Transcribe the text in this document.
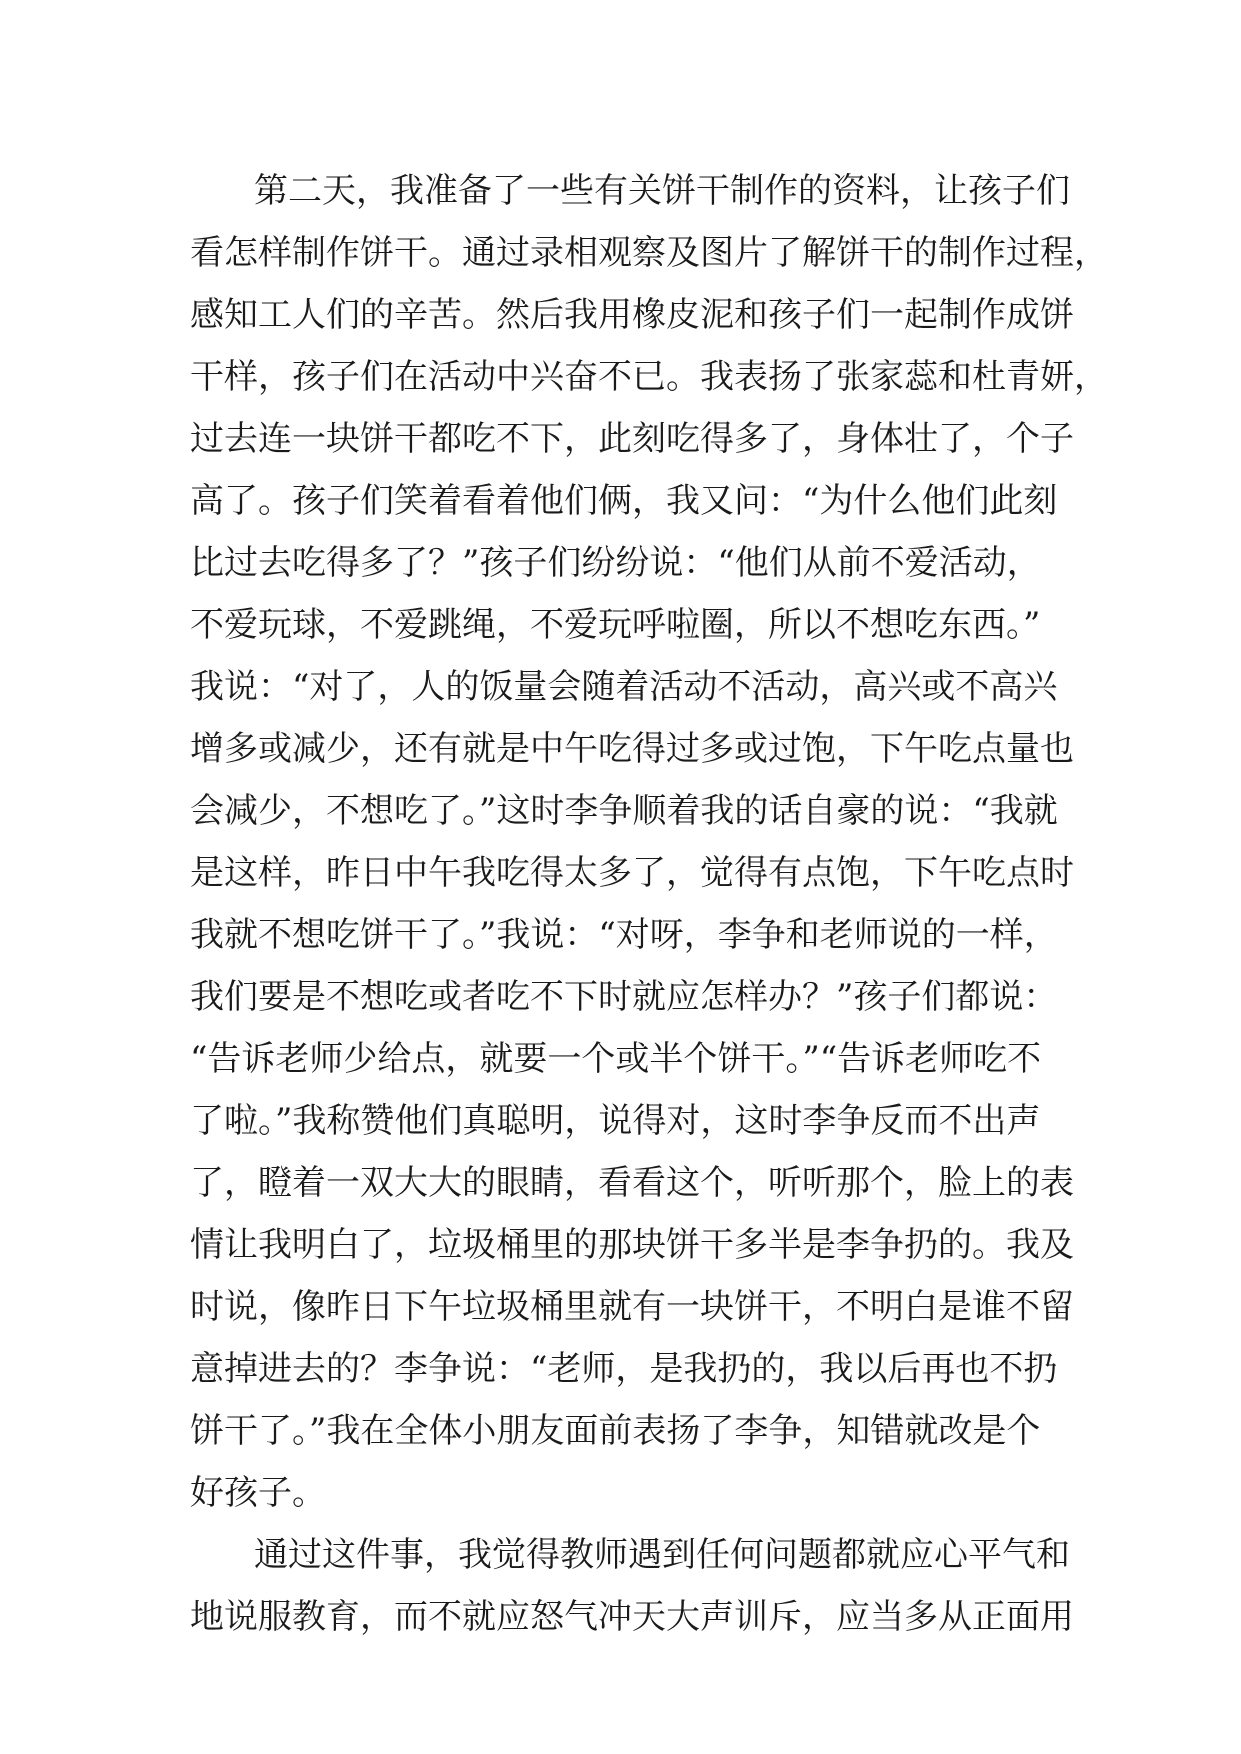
第二天，我准备了一些有关饼干制作的资料，让孩子们
看怎样制作饼干。通过录相观察及图片了解饼干的制作过程，
感知工人们的辛苦。然后我用橡皮泥和孩子们一起制作成饼
干样，孩子们在活动中兴奋不已。我表扬了张家蕊和杜青妍，
过去连一块饼干都吃不下，此刻吃得多了，身体壮了，个子
高了。孩子们笑着看着他们俩，我又问：“为什么他们此刻
比过去吃得多了？”孩子们纷纷说：“他们从前不爱活动，
不爱玩球，不爱跳绳，不爱玩呼啦圈，所以不想吃东西。”
我说：“对了，人的饭量会随着活动不活动，高兴或不高兴
增多或减少，还有就是中午吃得过多或过饱，下午吃点量也
会减少，不想吃了。”这时李争顺着我的话自豪的说：“我就
是这样，昨日中午我吃得太多了，觉得有点饱，下午吃点时
我就不想吃饼干了。”我说：“对呀，李争和老师说的一样，
我们要是不想吃或者吃不下时就应怎样办？”孩子们都说：
“告诉老师少给点，就要一个或半个饼干。”“告诉老师吃不
了啦。”我称赞他们真聪明，说得对，这时李争反而不出声
了，瞪着一双大大的眼睛，看看这个，听听那个，脸上的表
情让我明白了，垃圾桶里的那块饼干多半是李争扔的。我及
时说，像昨日下午垃圾桶里就有一块饼干，不明白是谁不留
意掉进去的？李争说：“老师，是我扔的，我以后再也不扔
饼干了。”我在全体小朋友面前表扬了李争，知错就改是个
好孩子。
通过这件事，我觉得教师遇到任何问题都就应心平气和
地说服教育，而不就应怒气冲天大声训斥，应当多从正面用
